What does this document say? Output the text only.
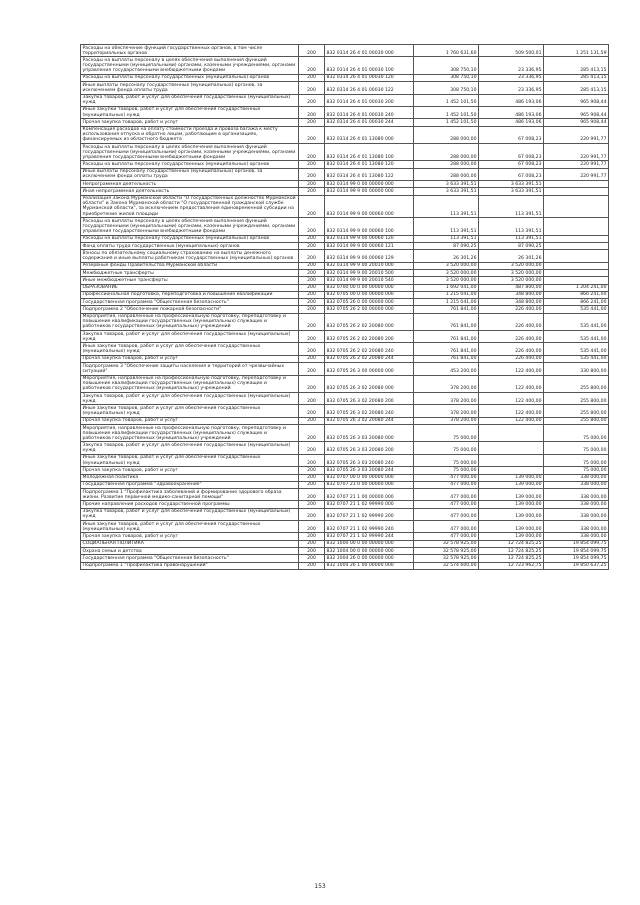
Расходы на обеспечение функций государственных органов, в том числе территориальных органов	200	832 0314 26 4 01 00030 000	1 760 631,60	509 500,01	1 251 131,59
Расходы на выплаты персоналу в целях обеспечения выполнения функций государственными (муниципальными) органами, казенными учреждениями, органами управления государственными внебюджетными фондами	200	832 0314 26 4 01 00030 100	308 750,10	23 336,95	285 413,15
Расходы на выплаты персоналу государственных (муниципальных) органов	200	832 0314 26 4 01 00030 120	308 750,10	23 336,95	285 413,15
Иные выплаты персоналу государственных (муниципальных) органов, за исключением фонда оплаты труда	200	832 0314 26 4 01 00030 122	308 750,10	23 336,95	285 413,15
Закупка товаров, работ и услуг для обеспечения государственных (муниципальных) нужд	200	832 0314 26 4 01 00030 200	1 452 101,50	486 193,06	965 908,44
Иные закупки товаров, работ и услуг для обеспечения государственных (муниципальных) нужд	200	832 0314 26 4 01 00030 240	1 452 101,50	486 193,06	965 908,44
Прочая закупка товаров, работ и услуг	200	832 0314 26 4 01 00030 244	1 452 101,50	486 193,06	965 908,44
Компенсация расходов на оплату стоимости проезда и провоза багажа к месту использования отпуска и обратно лицам, работающим в организациях, финансируемых из областного бюджета	200	832 0314 26 4 01 13080 000	288 000,00	67 008,23	220 991,77
Расходы на выплаты персоналу в целях обеспечения выполнения функций государственными (муниципальными) органами, казенными учреждениями, органами управления государственными внебюджетными фондами	200	832 0314 26 4 01 13080 100	288 000,00	67 008,23	220 991,77
Расходы на выплаты персоналу государственных (муниципальных) органов	200	832 0314 26 4 01 13080 120	288 000,00	67 008,23	220 991,77
Иные выплаты персоналу государственных (муниципальных) органов, за исключением фонда оплаты труда	200	832 0314 26 4 01 13080 122	288 000,00	67 008,23	220 991,77
Непрограммная деятельность	200	832 0314 99 0 00 00000 000	3 633 391,51	3 633 391,51	
Иная непрограммная деятельность	200	832 0314 99 9 00 00000 000	3 633 391,51	3 633 391,51	
Реализация Закона Мурманской области "О государственных должностях Мурманской области" и Закона Мурманской области "О государственной гражданской службе Мурманской области", за исключением предоставления единовременной субсидии на приобретение жилой площади	200	832 0314 99 9 00 00060 000	113 391,51	113 391,51	
Расходы на выплаты персоналу в целях обеспечения выполнения функций государственными (муниципальными) органами, казенными учреждениями, органами управления государственными внебюджетными фондами	200	832 0314 99 9 00 00060 100	113 391,51	113 391,51	
Расходы на выплаты персоналу государственных (муниципальных) органов	200	832 0314 99 9 00 00060 120	113 391,51	113 391,51	
Фонд оплаты труда государственных (муниципальных) органов	200	832 0314 99 9 00 00060 121	87 090,25	87 090,25	
Взносы по обязательному социальному страхованию на выплаты денежного содержания и иные выплаты работникам государственных (муниципальных) органов	200	832 0314 99 9 00 00060 129	26 301,26	26 301,26	
Резервные фонды Правительства Мурманской области	200	832 0314 99 9 00 20010 000	3 520 000,00	3 520 000,00	
Межбюджетные трансферты	200	832 0314 99 9 00 20010 500	3 520 000,00	3 520 000,00	
Иные межбюджетные трансферты	200	832 0314 99 9 00 20010 540	3 520 000,00	3 520 000,00	
ОБРАЗОВАНИЕ	200	832 0700 00 0 00 00000 000	1 692 041,00	487 800,00	1 204 241,00
Профессиональная подготовка, переподготовка и повышение квалификации	200	832 0705 00 0 00 00000 000	1 215 041,00	348 800,00	866 241,00
Государственная программа "Общественная безопасность"	200	832 0705 26 0 00 00000 000	1 215 041,00	348 800,00	866 241,00
Подпрограмма 2 "Обеспечение пожарной безопасности"	200	832 0705 26 2 00 00000 000	761 841,00	226 400,00	535 441,00
Мероприятия, направленные на профессиональную подготовку, переподготовку и повышение квалификации государственных (муниципальных) служащих и работников государственных (муниципальных) учреждений	200	832 0705 26 2 02 20080 000	761 841,00	226 400,00	535 441,00
Закупка товаров, работ и услуг для обеспечения государственных (муниципальных) нужд	200	832 0705 26 2 02 20080 200	761 841,00	226 400,00	535 441,00
Иные закупки товаров, работ и услуг для обеспечения государственных (муниципальных) нужд	200	832 0705 26 2 02 20080 240	761 841,00	226 400,00	535 441,00
Прочая закупка товаров, работ и услуг	200	832 0705 26 2 02 20080 244	761 841,00	226 400,00	535 441,00
Подпрограмма 3 "Обеспечение защиты населения и территорий от чрезвычайных ситуаций"	200	832 0705 26 3 00 00000 000	453 200,00	122 400,00	330 800,00
Мероприятия, направленные на профессиональную подготовку, переподготовку и повышение квалификации государственных (муниципальных) служащих и работников государственных (муниципальных) учреждений	200	832 0705 26 3 02 20080 000	378 200,00	122 400,00	255 800,00
Закупка товаров, работ и услуг для обеспечения государственных (муниципальных) нужд	200	832 0705 26 3 02 20080 200	378 200,00	122 400,00	255 800,00
Иные закупки товаров, работ и услуг для обеспечения государственных (муниципальных) нужд	200	832 0705 26 3 02 20080 240	378 200,00	122 400,00	255 800,00
Прочая закупка товаров, работ и услуг	200	832 0705 26 3 02 20080 244	378 200,00	122 400,00	255 800,00
Мероприятия, направленные на профессиональную подготовку, переподготовку и повышение квалификации государственных (муниципальных) служащих и работников государственных (муниципальных) учреждений	200	832 0705 26 3 03 20080 000	75 000,00		75 000,00
Закупка товаров, работ и услуг для обеспечения государственных (муниципальных) нужд	200	832 0705 26 3 03 20080 200	75 000,00		75 000,00
Иные закупки товаров, работ и услуг для обеспечения государственных (муниципальных) нужд	200	832 0705 26 3 03 20080 240	75 000,00		75 000,00
Прочая закупка товаров, работ и услуг	200	832 0705 26 3 03 20080 244	75 000,00		75 000,00
Молодежная политика	200	832 0707 00 0 00 00000 000	477 000,00	139 000,00	338 000,00
Государственная программа "Здравоохранение"	200	832 0707 21 0 00 00000 000	477 000,00	139 000,00	338 000,00
Подпрограмма 1 "Профилактика заболеваний и формирование здорового образа жизни. Развитие первичной медико-санитарной помощи"	200	832 0707 21 1 00 00000 000	477 000,00	139 000,00	338 000,00
Прочие направления расходов государственной программы	200	832 0707 21 1 02 99990 000	477 000,00	139 000,00	338 000,00
Закупка товаров, работ и услуг для обеспечения государственных (муниципальных) нужд	200	832 0707 21 1 02 99990 200	477 000,00	139 000,00	338 000,00
Иные закупки товаров, работ и услуг для обеспечения государственных (муниципальных) нужд	200	832 0707 21 1 02 99990 240	477 000,00	139 000,00	338 000,00
Прочая закупка товаров, работ и услуг	200	832 0707 21 1 02 99990 244	477 000,00	139 000,00	338 000,00
СОЦИАЛЬНАЯ ПОЛИТИКА	200	832 1000 00 0 00 00000 000	32 578 925,00	12 724 825,25	19 854 099,75
Охрана семьи и детства	200	832 1004 00 0 00 00000 000	32 578 925,00	12 724 825,25	19 854 099,75
Государственная программа "Общественная безопасность"	200	832 1004 26 0 00 00000 000	32 578 925,00	12 724 825,25	19 854 099,75
Подпрограмма 1 "Профилактика правонарушений"	200	832 1004 26 1 00 00000 000	32 574 600,00	12 723 962,75	19 850 637,25
153
